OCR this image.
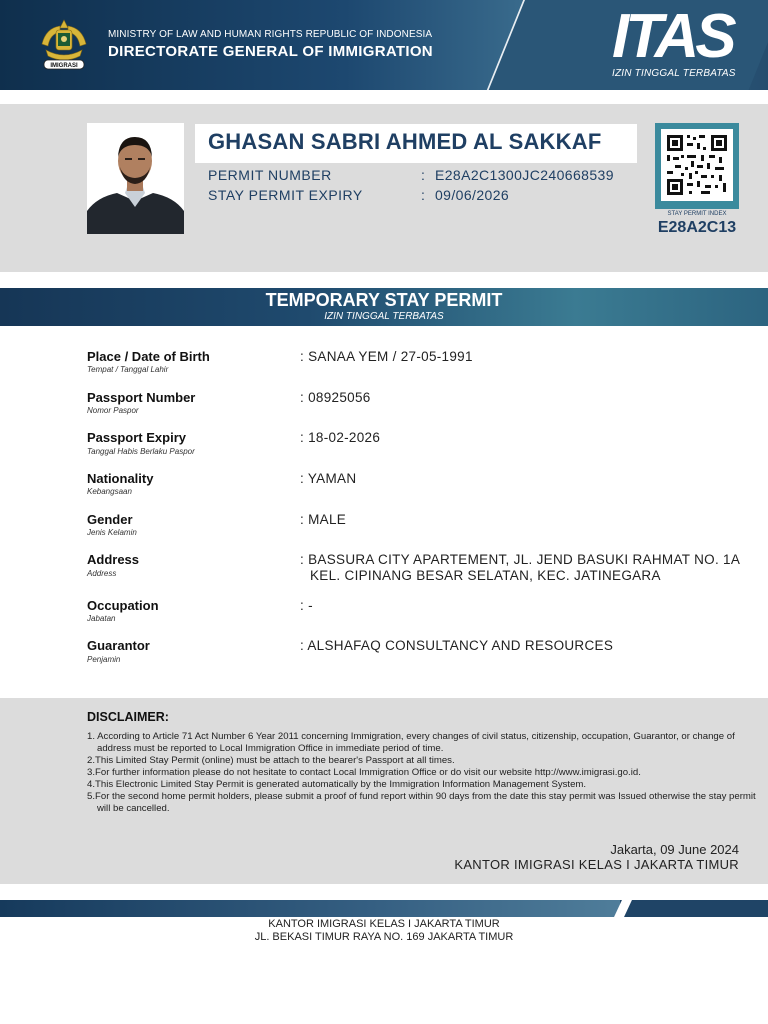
IMIGRASI
MINISTRY OF LAW AND HUMAN RIGHTS REPUBLIC OF INDONESIA
DIRECTORATE GENERAL OF IMMIGRATION	ITAS
IZIN TINGGAL TERBATAS
GHASAN SABRI AHMED AL SAKKAF
PERMIT NUMBER	: E28A2C1300JC240668539
STAY PERMIT EXPIRY	: 09/06/2026
STAY PERMIT INDEX
E28A2C13
TEMPORARY STAY PERMIT
IZIN TINGGAL TERBATAS
Place / Date of Birth
Tempat / Tanggal Lahir
: SANAA YEM / 27-05-1991
Passport Number
Nomor Paspor
: 08925056
Passport Expiry
Tanggal Habis Berlaku Paspor
: 18-02-2026
Nationality
Kebangsaan
: YAMAN
Gender
Jenis Kelamin
: MALE
Address
Address
: BASSURA CITY APARTEMENT, JL. JEND BASUKI RAHMAT NO. 1A
KEL. CIPINANG BESAR SELATAN, KEC. JATINEGARA
Occupation
Jabatan
: -
Guarantor
Penjamin
: ALSHAFAQ CONSULTANCY AND RESOURCES
DISCLAIMER:
1. According to Article 71 Act Number 6 Year 2011 concerning Immigration, every changes of civil status, citizenship, occupation, Guarantor, or change of address must be reported to Local Immigration Office in immediate period of time.
2.This Limited Stay Permit (online) must be attach to the bearer's Passport at all times.
3.For further information please do not hesitate to contact Local Immigration Office or do visit our website http://www.imigrasi.go.id.
4.This Electronic Limited Stay Permit is generated automatically by the Immigration Information Management System.
5.For the second home permit holders, please submit a proof of fund report within 90 days from the date this stay permit was Issued otherwise the stay permit will be cancelled.
Jakarta, 09 June 2024
KANTOR IMIGRASI KELAS I JAKARTA TIMUR
KANTOR IMIGRASI KELAS I JAKARTA TIMUR
JL. BEKASI TIMUR RAYA NO. 169 JAKARTA TIMUR
